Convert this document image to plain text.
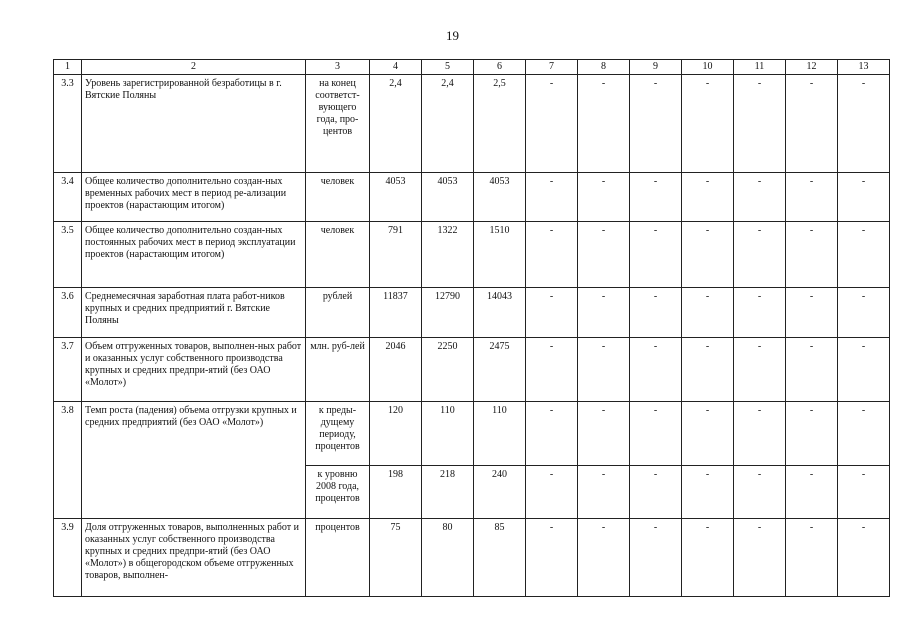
19
1	2	3	4	5	6	7	8	9	10	11	12	13
3.3	Уровень зарегистрированной безработицы в г. Вятские Поляны	на конец соответст-вующего года, про-центов	2,4	2,4	2,5	-	-	-	-	-	-	-
3.4	Общее количество дополнительно создан-ных временных рабочих мест в период ре-ализации проектов (нарастающим итогом)	человек	4053	4053	4053	-	-	-	-	-	-	-
3.5	Общее количество дополнительно создан-ных постоянных рабочих мест в период эксплуатации проектов (нарастающим итогом)	человек	791	1322	1510	-	-	-	-	-	-	-
3.6	Среднемесячная заработная плата работ-ников крупных и средних предприятий г. Вятские Поляны	рублей	11837	12790	14043	-	-	-	-	-	-	-
3.7	Объем отгруженных товаров, выполнен-ных работ и оказанных услуг собственного производства крупных и средних предпри-ятий (без ОАО «Молот»)	млн. руб-лей	2046	2250	2475	-	-	-	-	-	-	-
3.8	Темп роста (падения) объема отгрузки крупных и средних предприятий (без ОАО «Молот»)	к преды-дущему периоду, процентов	120	110	110	-	-	-	-	-	-	-
		к уровню 2008 года, процентов	198	218	240	-	-	-	-	-	-	-
3.9	Доля отгруженных товаров, выполненных работ и оказанных услуг собственного производства крупных и средних предпри-ятий (без ОАО «Молот») в общегородском объеме отгруженных товаров, выполнен-	процентов	75	80	85	-	-	-	-	-	-	-
